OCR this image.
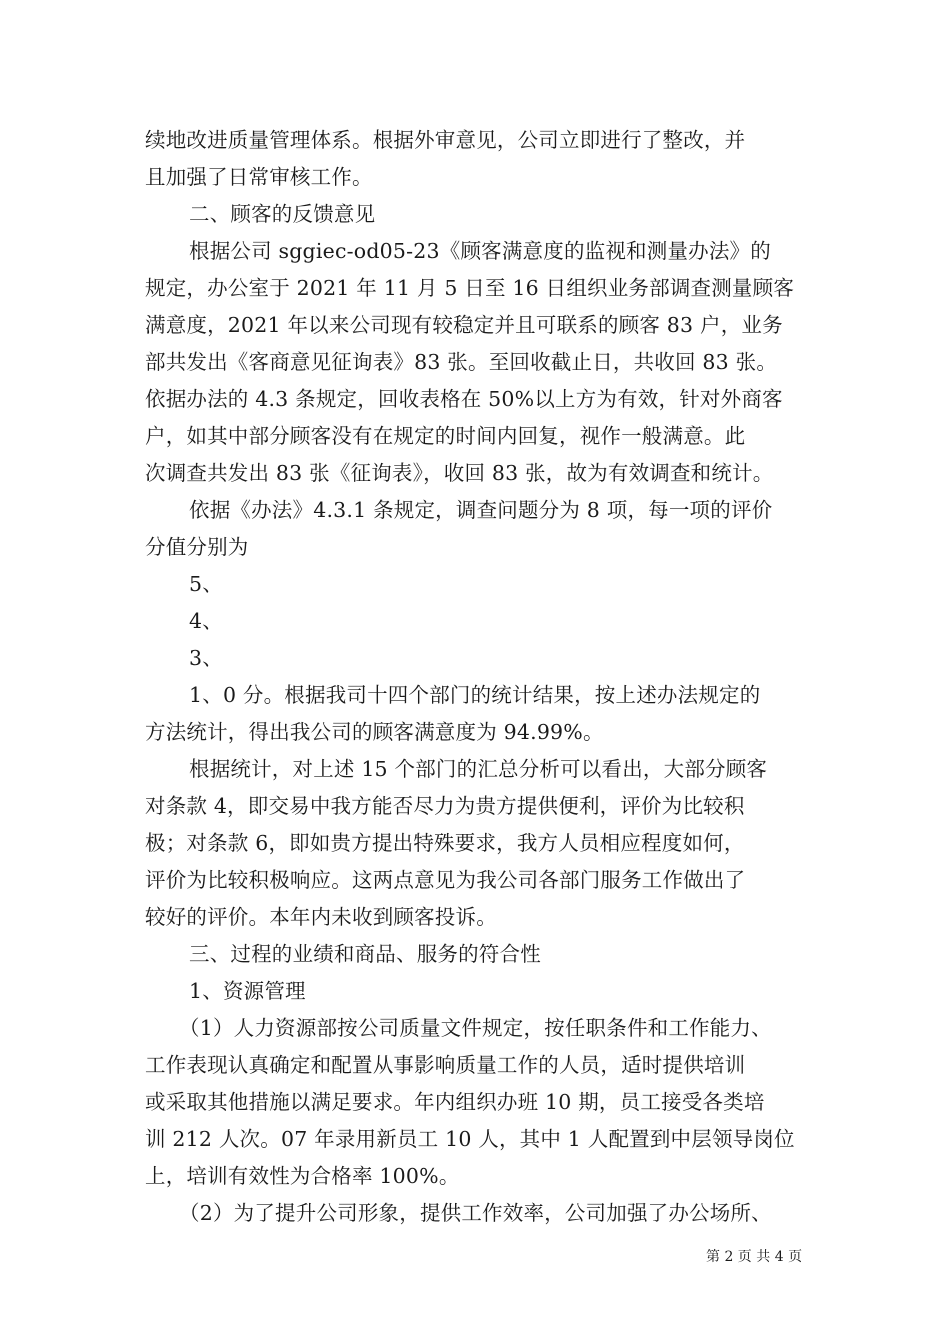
续地改进质量管理体系。根据外审意见，公司立即进行了整改，并
且加强了日常审核工作。
二、顾客的反馈意见
根据公司 sggiec-od05-23《顾客满意度的监视和测量办法》的
规定，办公室于 2021 年 11 月 5 日至 16 日组织业务部调查测量顾客
满意度，2021 年以来公司现有较稳定并且可联系的顾客 83 户，业务
部共发出《客商意见征询表》83 张。至回收截止日，共收回 83 张。
依据办法的 4.3 条规定，回收表格在 50%以上方为有效，针对外商客
户，如其中部分顾客没有在规定的时间内回复，视作一般满意。此
次调查共发出 83 张《征询表》，收回 83 张，故为有效调查和统计。
依据《办法》4.3.1 条规定，调查问题分为 8 项，每一项的评价
分值分别为
5、
4、
3、
1、0 分。根据我司十四个部门的统计结果，按上述办法规定的
方法统计，得出我公司的顾客满意度为 94.99%。
根据统计，对上述 15 个部门的汇总分析可以看出，大部分顾客
对条款 4，即交易中我方能否尽力为贵方提供便利，评价为比较积
极；对条款 6，即如贵方提出特殊要求，我方人员相应程度如何，
评价为比较积极响应。这两点意见为我公司各部门服务工作做出了
较好的评价。本年内未收到顾客投诉。
三、过程的业绩和商品、服务的符合性
1、资源管理
（1）人力资源部按公司质量文件规定，按任职条件和工作能力、
工作表现认真确定和配置从事影响质量工作的人员，适时提供培训
或采取其他措施以满足要求。年内组织办班 10 期，员工接受各类培
训 212 人次。07 年录用新员工 10 人，其中 1 人配置到中层领导岗位
上，培训有效性为合格率 100%。
（2）为了提升公司形象，提供工作效率，公司加强了办公场所、
第 2 页 共 4 页
